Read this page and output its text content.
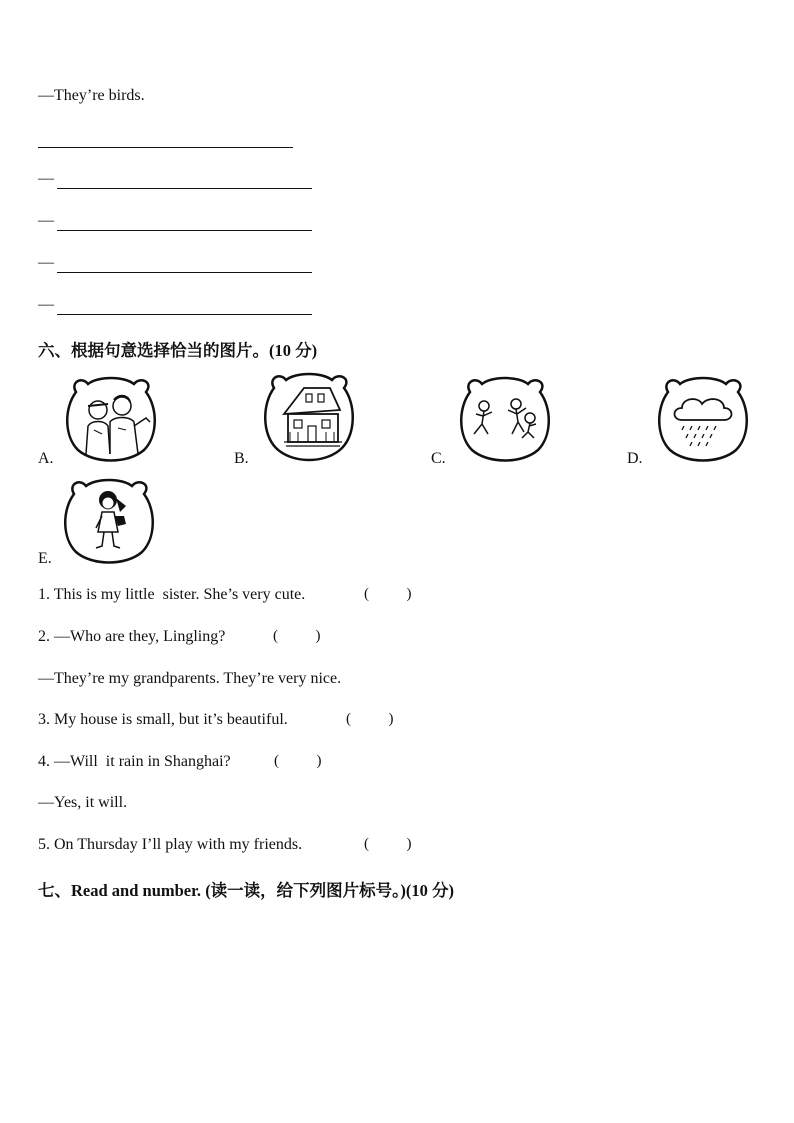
—They’re birds.
—
—
—
—
六、根据句意选择恰当的图片。(10 分)
A.	B.	C.	D.
E.
1. This is my little  sister. She’s very cute.	(          )
2. —Who are they, Lingling?	(          )
—They’re my grandparents. They’re very nice.
3. My house is small, but it’s beautiful.	(          )
4. —Will  it rain in Shanghai?	(          )
—Yes, it will.
5. On Thursday I’ll play with my friends.	(          )
七、Read and number. (读一读，给下列图片标号。)(10 分)
